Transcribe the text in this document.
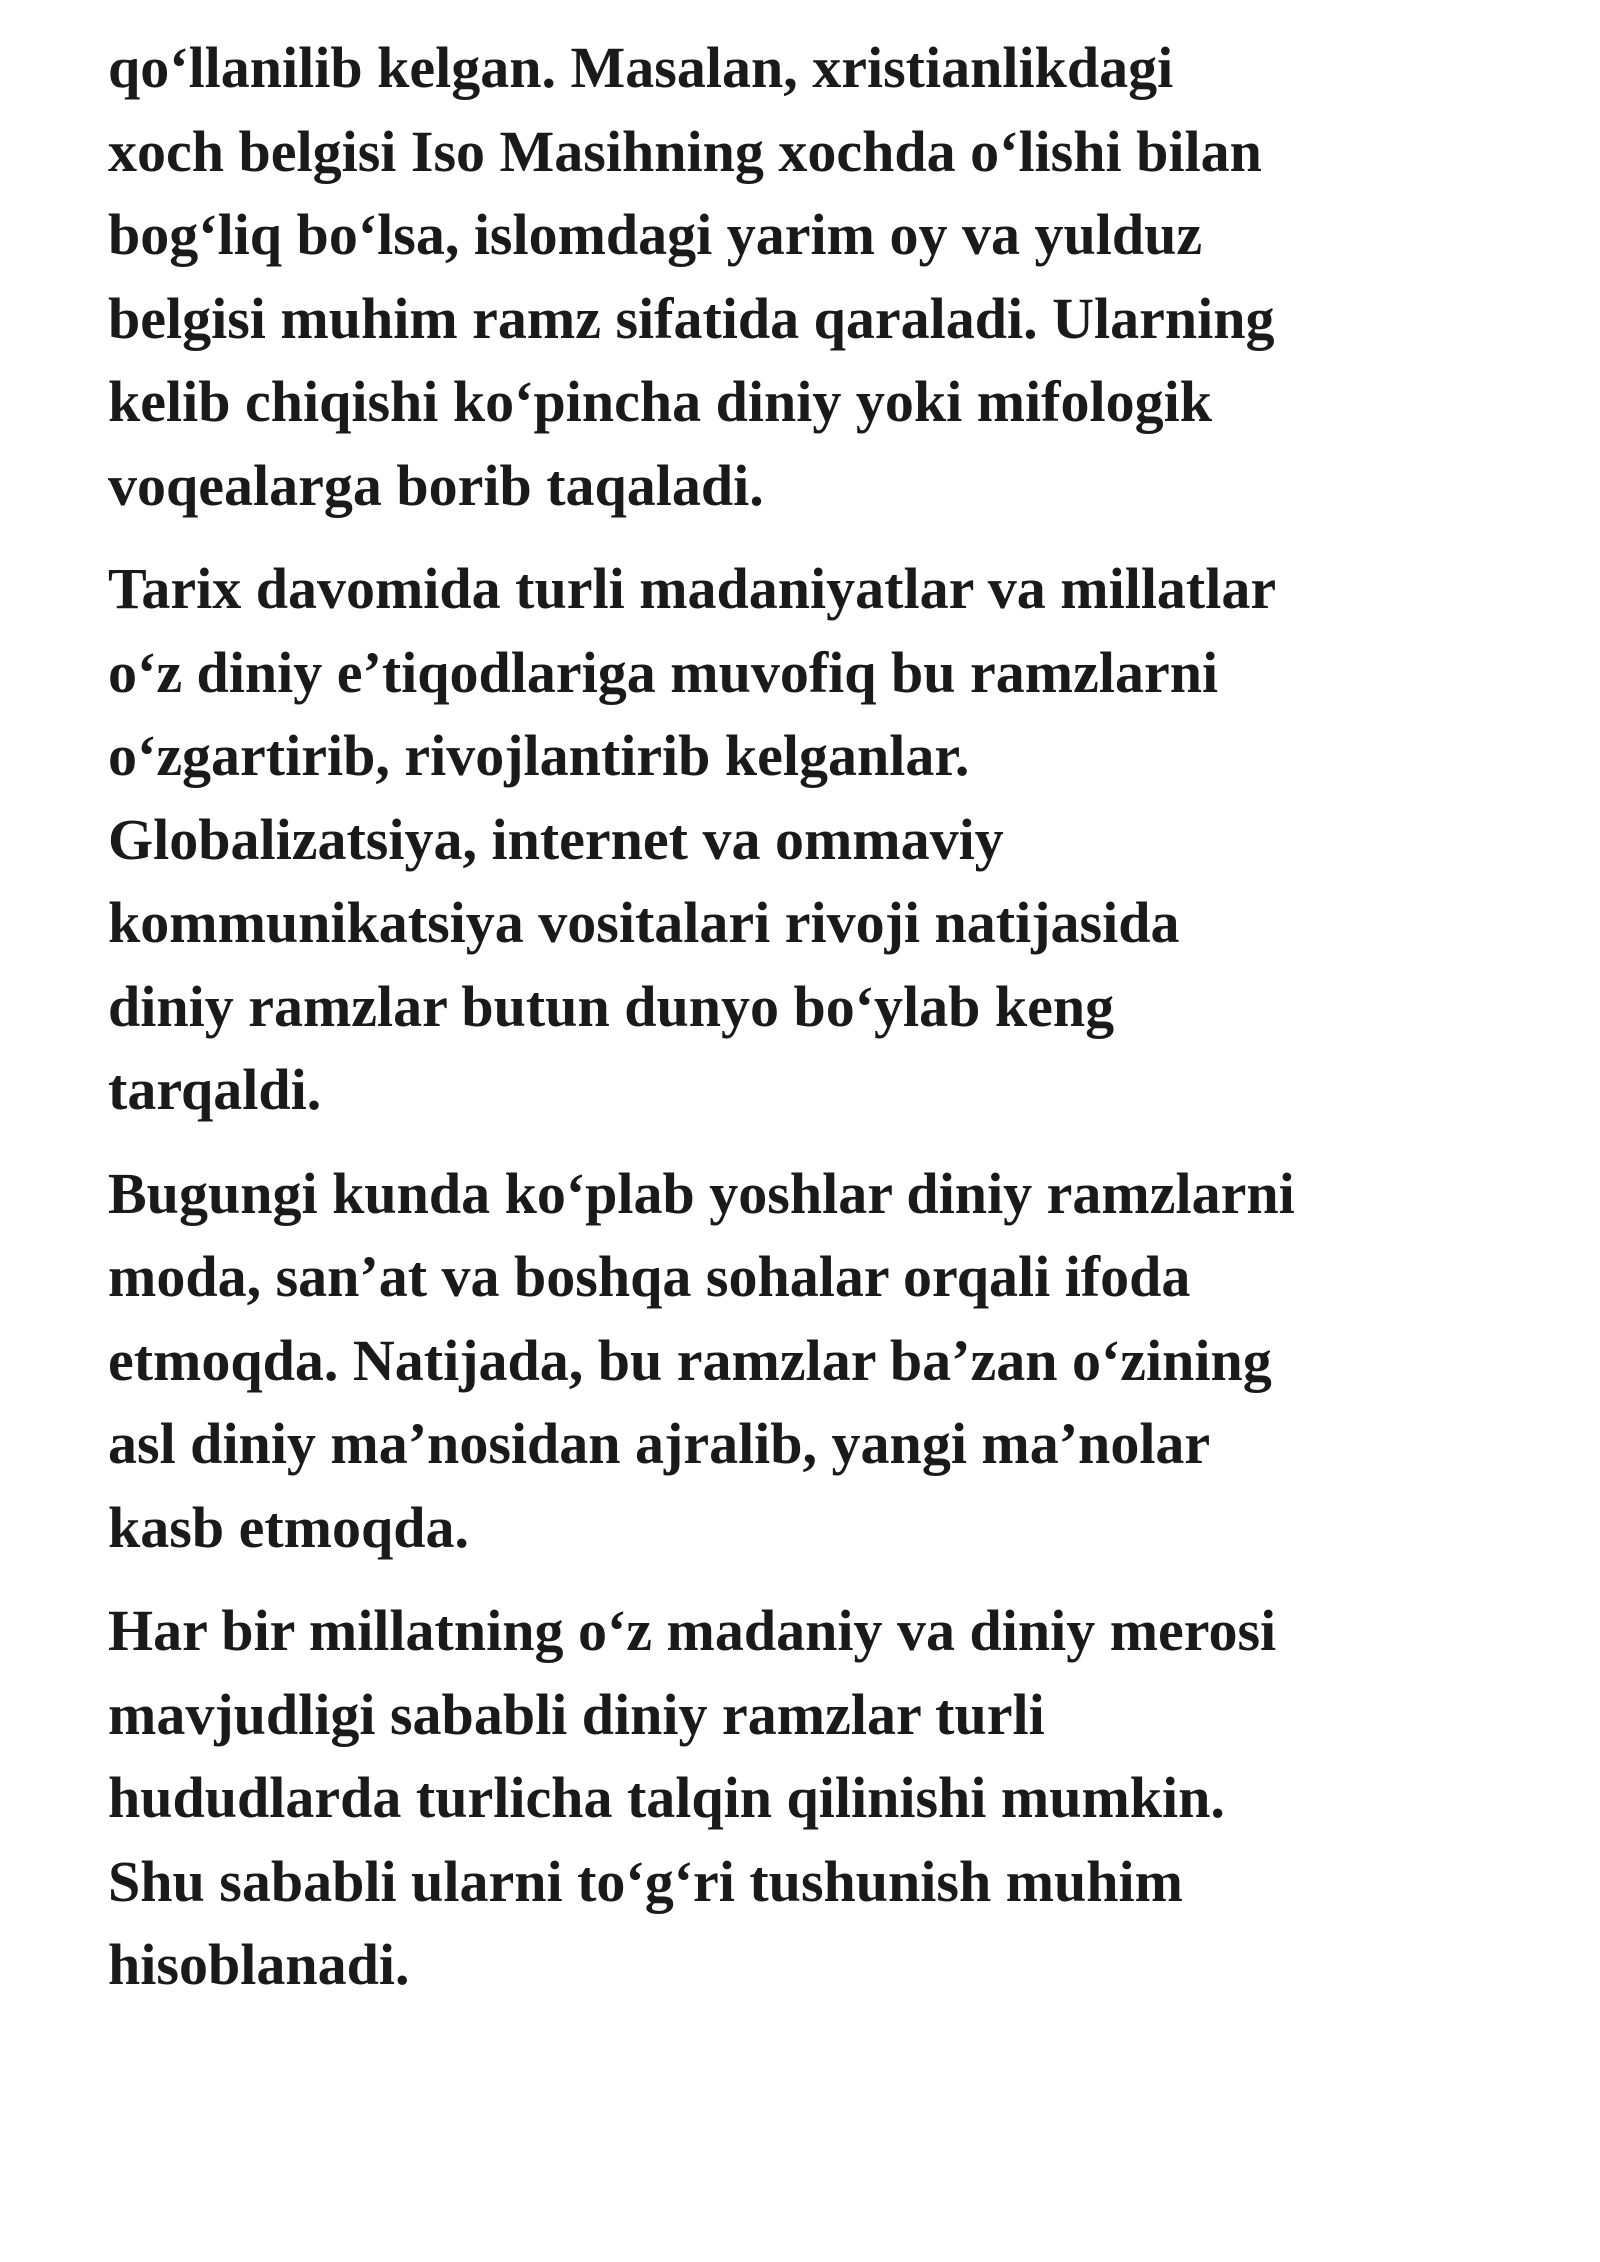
qoʻllanilib kelgan. Masalan, xristianlikdagi
xoch belgisi Iso Masihning xochda oʻlishi bilan
bogʻliq boʻlsa, islomdagi yarim oy va yulduz
belgisi muhim ramz sifatida qaraladi. Ularning
kelib chiqishi koʻpincha diniy yoki mifologik
voqealarga borib taqaladi.

Tarix davomida turli madaniyatlar va millatlar
oʻz diniy e’tiqodlariga muvofiq bu ramzlarni
oʻzgartirib, rivojlantirib kelganlar.
Globalizatsiya, internet va ommaviy
kommunikatsiya vositalari rivoji natijasida
diniy ramzlar butun dunyo boʻylab keng
tarqaldi.

Bugungi kunda koʻplab yoshlar diniy ramzlarni
moda, san’at va boshqa sohalar orqali ifoda
etmoqda. Natijada, bu ramzlar ba’zan oʻzining
asl diniy ma’nosidan ajralib, yangi ma’nolar
kasb etmoqda.

Har bir millatning oʻz madaniy va diniy merosi
mavjudligi sababli diniy ramzlar turli
hududlarda turlicha talqin qilinishi mumkin.
Shu sababli ularni toʻgʻri tushunish muhim
hisoblanadi.
